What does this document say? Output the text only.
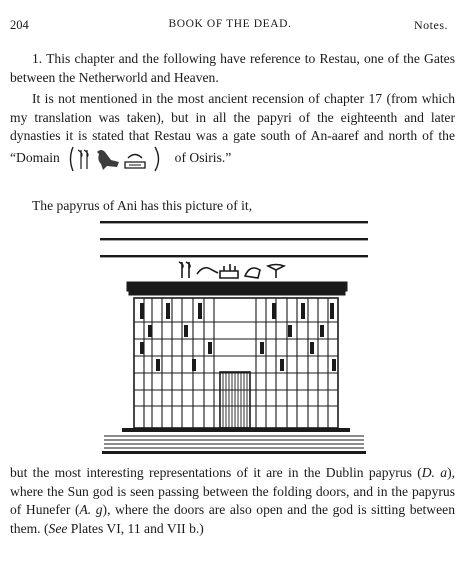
204	BOOK OF THE DEAD.	Notes.

1. This chapter and the following have reference to Restau, one of the Gates between the Netherworld and Heaven.

It is not mentioned in the most ancient recension of chapter 17 (from which my translation was taken), but in all the papyri of the eighteenth and later dynasties it is stated that Restau was a gate south of An-aaref and north of the “Domain	of Osiris.”

The papyrus of Ani has this picture of it,

but the most interesting representations of it are in the Dublin papyrus (D. a), where the Sun god is seen passing between the folding doors, and in the papyrus of Hunefer (A. g), where the doors are also open and the god is sitting between them. (See Plates VI, 11 and VII b.)
